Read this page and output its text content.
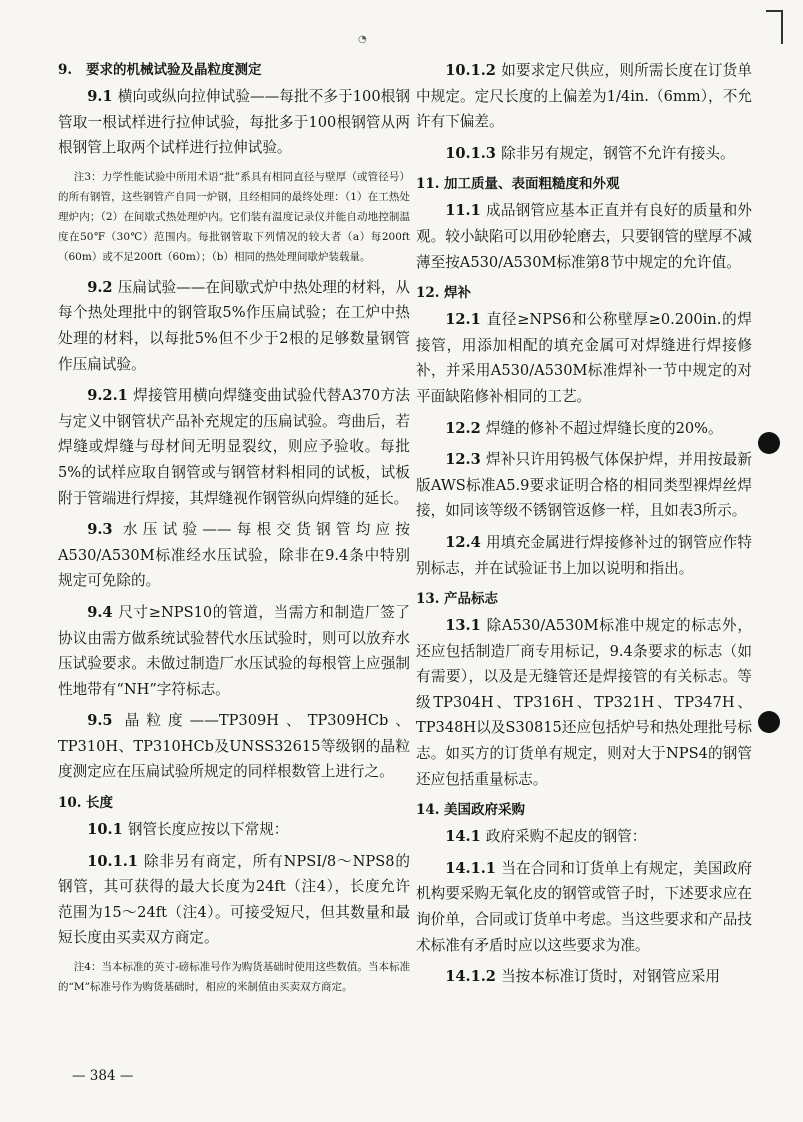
◔
9. 要求的机械试验及晶粒度测定

9.1 横向或纵向拉伸试验——每批不多于100根钢管取一根试样进行拉伸试验，每批多于100根钢管从两根钢管上取两个试样进行拉伸试验。

注3：力学性能试验中所用术语“批”系具有相同直径与壁厚（或管径号）的所有钢管，这些钢管产自同一炉钢，且经相同的最终处理：（1）在工热处理炉内；（2）在间歇式热处理炉内。它们装有温度记录仪并能自动地控制温度在50℉（30℃）范围内。每批钢管取下列情况的较大者（a）每200ft（60m）或不足200ft（60m）；（b）相同的热处理间歇炉装载量。

9.2 压扁试验——在间歇式炉中热处理的材料，从每个热处理批中的钢管取5%作压扁试验；在工炉中热处理的材料，以每批5%但不少于2根的足够数量钢管作压扁试验。

9.2.1 焊接管用横向焊缝变曲试验代替A370方法与定义中钢管状产品补充规定的压扁试验。弯曲后，若焊缝或焊缝与母材间无明显裂纹，则应予验收。每批5%的试样应取自钢管或与钢管材料相同的试板，试板附于管端进行焊接，其焊缝视作钢管纵向焊缝的延长。

9.3 水压试验——每根交货钢管均应按A530/A530M标准经水压试验，除非在9.4条中特别规定可免除的。

9.4 尺寸≥NPS10的管道，当需方和制造厂签了协议由需方做系统试验替代水压试验时，则可以放弃水压试验要求。未做过制造厂水压试验的每根管上应强制性地带有“NH”字符标志。

9.5 晶粒度——TP309H、TP309HCb、TP310H、TP310HCb及UNSS32615等级钢的晶粒度测定应在压扁试验所规定的同样根数管上进行之。

10. 长度

10.1 钢管长度应按以下常规：

10.1.1 除非另有商定，所有NPSI/8～NPS8的钢管，其可获得的最大长度为24ft（注4），长度允许范围为15～24ft（注4）。可接受短尺，但其数量和最短长度由买卖双方商定。

注4：当本标准的英寸-磅标准号作为购货基础时使用这些数值。当本标准的“M”标准号作为购货基础时，相应的米制值由买卖双方商定。

10.1.2 如要求定尺供应，则所需长度在订货单中规定。定尺长度的上偏差为1/4in.（6mm），不允许有下偏差。

10.1.3 除非另有规定，钢管不允许有接头。

11. 加工质量、表面粗糙度和外观

11.1 成品钢管应基本正直并有良好的质量和外观。较小缺陷可以用砂轮磨去，只要钢管的壁厚不减薄至按A530/A530M标准第8节中规定的允许值。

12. 焊补

12.1 直径≥NPS6和公称壁厚≥0.200in.的焊接管，用添加相配的填充金属可对焊缝进行焊接修补，并采用A530/A530M标准焊补一节中规定的对平面缺陷修补相同的工艺。

12.2 焊缝的修补不超过焊缝长度的20%。

12.3 焊补只许用钨极气体保护焊，并用按最新版AWS标准A5.9要求证明合格的相同类型裸焊丝焊接，如同该等级不锈钢管返修一样，且如表3所示。

12.4 用填充金属进行焊接修补过的钢管应作特别标志，并在试验证书上加以说明和指出。

13. 产品标志

13.1 除A530/A530M标准中规定的标志外，还应包括制造厂商专用标记，9.4条要求的标志（如有需要），以及是无缝管还是焊接管的有关标志。等级TP304H、TP316H、TP321H、TP347H、TP348H以及S30815还应包括炉号和热处理批号标志。如买方的订货单有规定，则对大于NPS4的钢管还应包括重量标志。

14. 美国政府采购

14.1 政府采购不起皮的钢管：

14.1.1 当在合同和订货单上有规定，美国政府机构要采购无氧化皮的钢管或管子时，下述要求应在询价单，合同或订货单中考虑。当这些要求和产品技术标准有矛盾时应以这些要求为准。

14.1.2 当按本标准订货时，对钢管应采用

— 384 —
